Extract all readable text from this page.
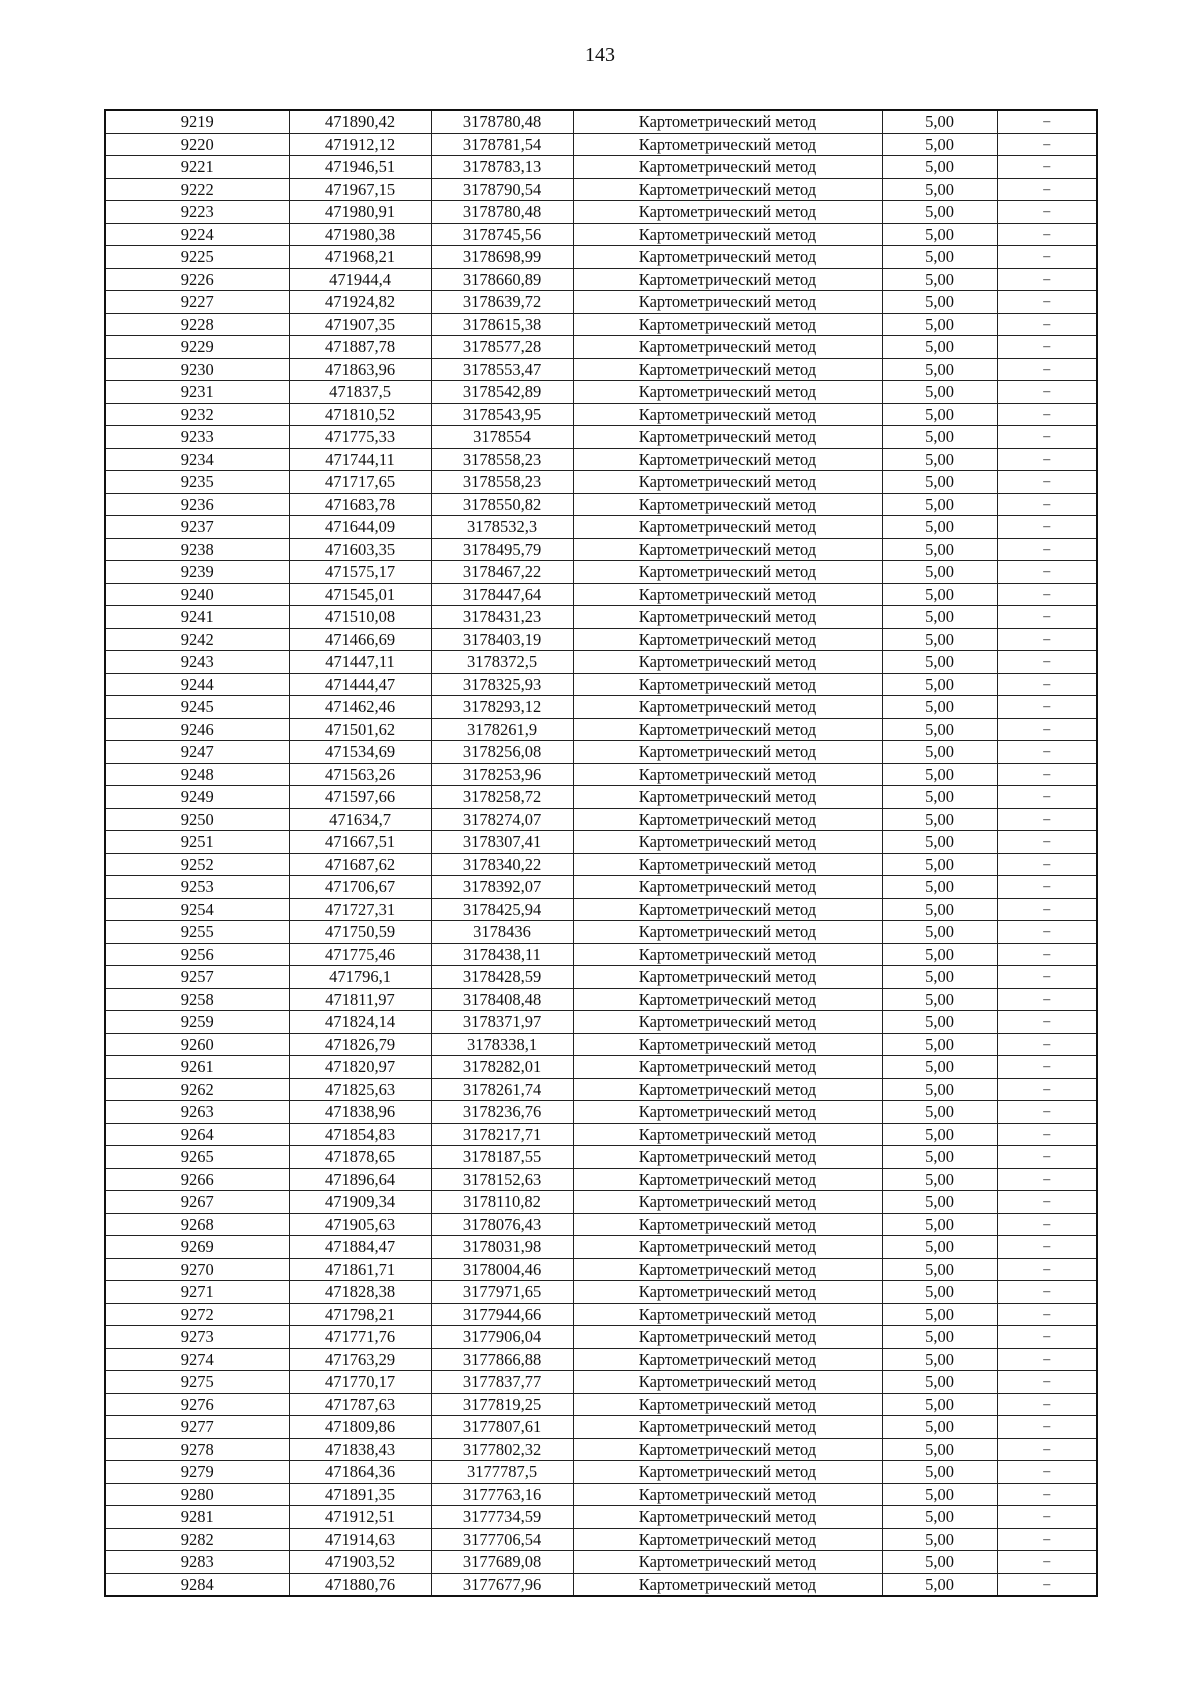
143
9219	471890,42	3178780,48	Картометрический метод	5,00	–
9220	471912,12	3178781,54	Картометрический метод	5,00	–
9221	471946,51	3178783,13	Картометрический метод	5,00	–
9222	471967,15	3178790,54	Картометрический метод	5,00	–
9223	471980,91	3178780,48	Картометрический метод	5,00	–
9224	471980,38	3178745,56	Картометрический метод	5,00	–
9225	471968,21	3178698,99	Картометрический метод	5,00	–
9226	471944,4	3178660,89	Картометрический метод	5,00	–
9227	471924,82	3178639,72	Картометрический метод	5,00	–
9228	471907,35	3178615,38	Картометрический метод	5,00	–
9229	471887,78	3178577,28	Картометрический метод	5,00	–
9230	471863,96	3178553,47	Картометрический метод	5,00	–
9231	471837,5	3178542,89	Картометрический метод	5,00	–
9232	471810,52	3178543,95	Картометрический метод	5,00	–
9233	471775,33	3178554	Картометрический метод	5,00	–
9234	471744,11	3178558,23	Картометрический метод	5,00	–
9235	471717,65	3178558,23	Картометрический метод	5,00	–
9236	471683,78	3178550,82	Картометрический метод	5,00	–
9237	471644,09	3178532,3	Картометрический метод	5,00	–
9238	471603,35	3178495,79	Картометрический метод	5,00	–
9239	471575,17	3178467,22	Картометрический метод	5,00	–
9240	471545,01	3178447,64	Картометрический метод	5,00	–
9241	471510,08	3178431,23	Картометрический метод	5,00	–
9242	471466,69	3178403,19	Картометрический метод	5,00	–
9243	471447,11	3178372,5	Картометрический метод	5,00	–
9244	471444,47	3178325,93	Картометрический метод	5,00	–
9245	471462,46	3178293,12	Картометрический метод	5,00	–
9246	471501,62	3178261,9	Картометрический метод	5,00	–
9247	471534,69	3178256,08	Картометрический метод	5,00	–
9248	471563,26	3178253,96	Картометрический метод	5,00	–
9249	471597,66	3178258,72	Картометрический метод	5,00	–
9250	471634,7	3178274,07	Картометрический метод	5,00	–
9251	471667,51	3178307,41	Картометрический метод	5,00	–
9252	471687,62	3178340,22	Картометрический метод	5,00	–
9253	471706,67	3178392,07	Картометрический метод	5,00	–
9254	471727,31	3178425,94	Картометрический метод	5,00	–
9255	471750,59	3178436	Картометрический метод	5,00	–
9256	471775,46	3178438,11	Картометрический метод	5,00	–
9257	471796,1	3178428,59	Картометрический метод	5,00	–
9258	471811,97	3178408,48	Картометрический метод	5,00	–
9259	471824,14	3178371,97	Картометрический метод	5,00	–
9260	471826,79	3178338,1	Картометрический метод	5,00	–
9261	471820,97	3178282,01	Картометрический метод	5,00	–
9262	471825,63	3178261,74	Картометрический метод	5,00	–
9263	471838,96	3178236,76	Картометрический метод	5,00	–
9264	471854,83	3178217,71	Картометрический метод	5,00	–
9265	471878,65	3178187,55	Картометрический метод	5,00	–
9266	471896,64	3178152,63	Картометрический метод	5,00	–
9267	471909,34	3178110,82	Картометрический метод	5,00	–
9268	471905,63	3178076,43	Картометрический метод	5,00	–
9269	471884,47	3178031,98	Картометрический метод	5,00	–
9270	471861,71	3178004,46	Картометрический метод	5,00	–
9271	471828,38	3177971,65	Картометрический метод	5,00	–
9272	471798,21	3177944,66	Картометрический метод	5,00	–
9273	471771,76	3177906,04	Картометрический метод	5,00	–
9274	471763,29	3177866,88	Картометрический метод	5,00	–
9275	471770,17	3177837,77	Картометрический метод	5,00	–
9276	471787,63	3177819,25	Картометрический метод	5,00	–
9277	471809,86	3177807,61	Картометрический метод	5,00	–
9278	471838,43	3177802,32	Картометрический метод	5,00	–
9279	471864,36	3177787,5	Картометрический метод	5,00	–
9280	471891,35	3177763,16	Картометрический метод	5,00	–
9281	471912,51	3177734,59	Картометрический метод	5,00	–
9282	471914,63	3177706,54	Картометрический метод	5,00	–
9283	471903,52	3177689,08	Картометрический метод	5,00	–
9284	471880,76	3177677,96	Картометрический метод	5,00	–
